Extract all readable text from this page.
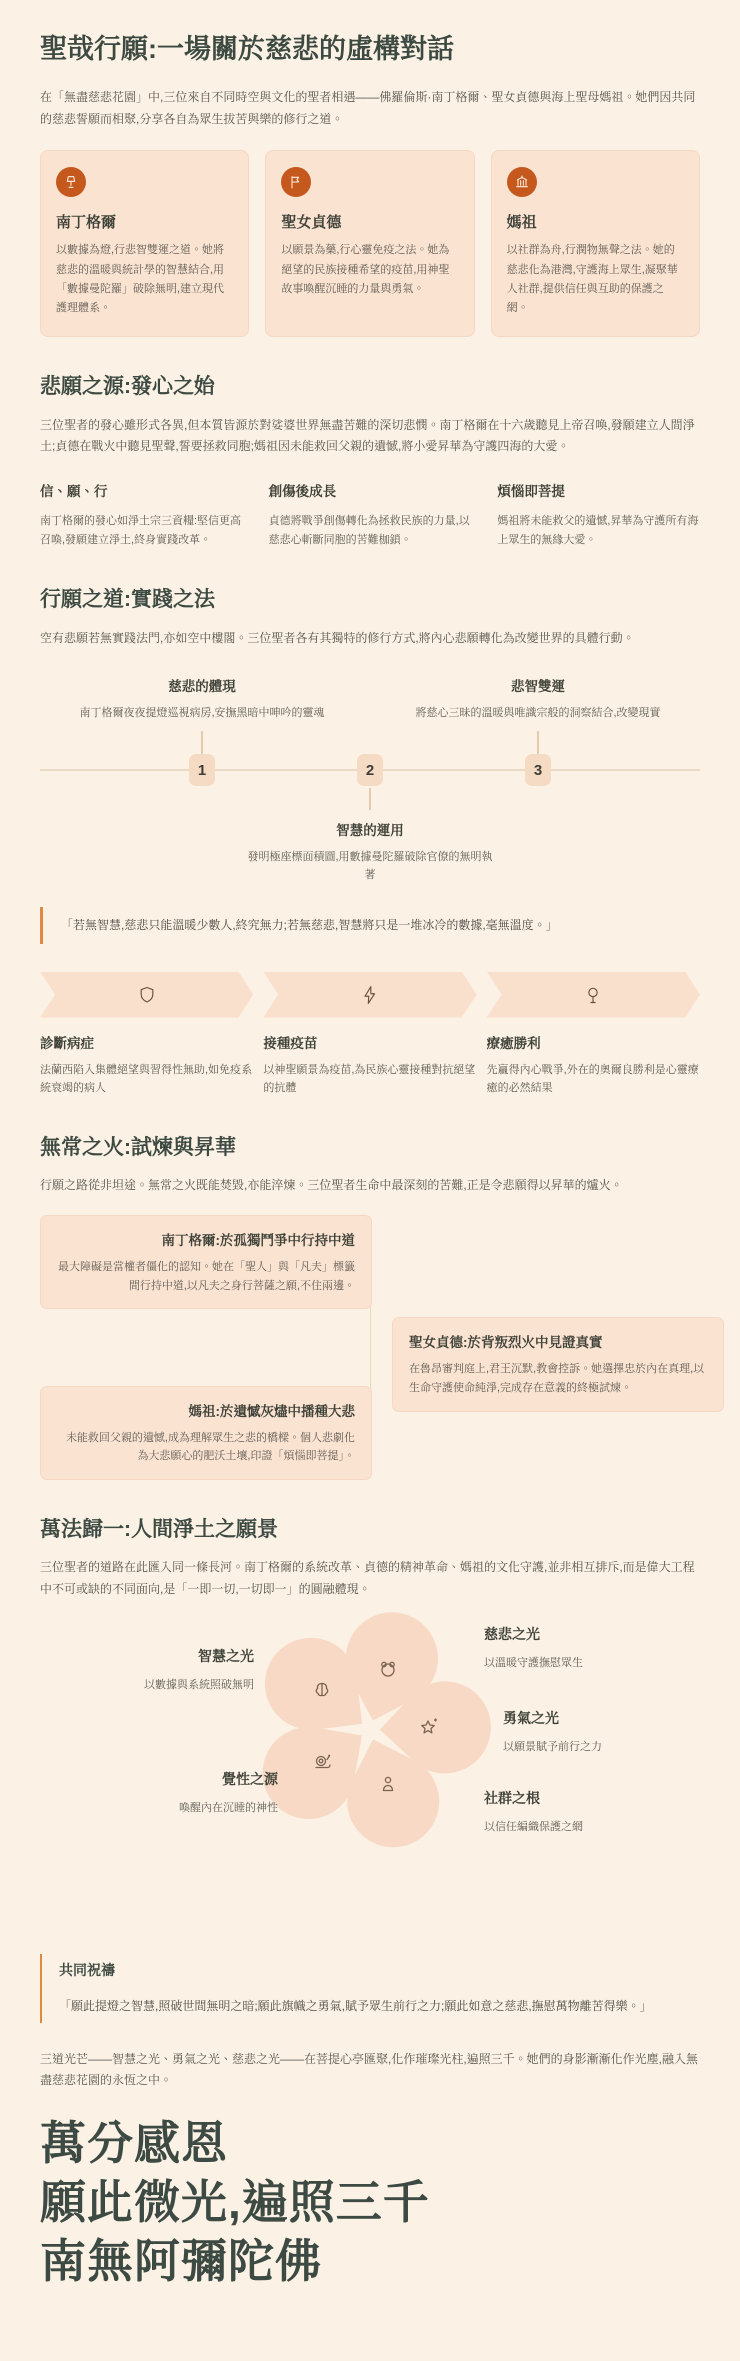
聖哉行願:一場關於慈悲的虛構對話

在「無盡慈悲花園」中,三位來自不同時空與文化的聖者相遇——佛羅倫斯·南丁格爾、聖女貞德與海上聖母媽祖。她們因共同的慈悲誓願而相聚,分享各自為眾生拔苦與樂的修行之道。

南丁格爾

以數據為燈,行悲智雙運之道。她將慈悲的溫暖與統計學的智慧結合,用「數據曼陀羅」破除無明,建立現代護理體系。

聖女貞德

以願景為藥,行心靈免疫之法。她為絕望的民族接種希望的疫苗,用神聖故事喚醒沉睡的力量與勇氣。

媽祖

以社群為舟,行潤物無聲之法。她的慈悲化為港灣,守護海上眾生,凝聚華人社群,提供信任與互助的保護之網。

悲願之源:發心之始

三位聖者的發心雖形式各異,但本質皆源於對娑婆世界無盡苦難的深切悲憫。南丁格爾在十六歲聽見上帝召喚,發願建立人間淨土;貞德在戰火中聽見聖聲,誓要拯救同胞;媽祖因未能救回父親的遺憾,將小愛昇華為守護四海的大愛。

信、願、行

南丁格爾的發心如淨土宗三資糧:堅信更高召喚,發願建立淨土,終身實踐改革。

創傷後成長

貞德將戰爭創傷轉化為拯救民族的力量,以慈悲心斬斷同胞的苦難枷鎖。

煩惱即菩提

媽祖將未能救父的遺憾,昇華為守護所有海上眾生的無緣大愛。

行願之道:實踐之法

空有悲願若無實踐法門,亦如空中樓閣。三位聖者各有其獨特的修行方式,將內心悲願轉化為改變世界的具體行動。

慈悲的體現

南丁格爾夜夜提燈巡視病房,安撫黑暗中呻吟的靈魂

悲智雙運

將慈心三昧的溫暖與唯識宗般的洞察結合,改變現實

1	2	3
智慧的運用

發明極座標面積圖,用數據曼陀羅破除官僚的無明執著

「若無智慧,慈悲只能溫暖少數人,終究無力;若無慈悲,智慧將只是一堆冰冷的數據,毫無溫度。」
診斷病症

法蘭西陷入集體絕望與習得性無助,如免疫系統衰竭的病人

接種疫苗

以神聖願景為疫苗,為民族心靈接種對抗絕望的抗體

療癒勝利

先贏得內心戰爭,外在的奧爾良勝利是心靈療癒的必然結果

無常之火:試煉與昇華

行願之路從非坦途。無常之火既能焚毀,亦能淬煉。三位聖者生命中最深刻的苦難,正是令悲願得以昇華的爐火。

南丁格爾:於孤獨鬥爭中行持中道

最大障礙是當權者僵化的認知。她在「聖人」與「凡夫」標籤間行持中道,以凡夫之身行菩薩之願,不住兩邊。

聖女貞德:於背叛烈火中見證真實

在魯昂審判庭上,君王沉默,教會控訴。她選擇忠於內在真理,以生命守護使命純淨,完成存在意義的終極試煉。

媽祖:於遺憾灰燼中播種大悲

未能救回父親的遺憾,成為理解眾生之悲的橋樑。個人悲劇化為大悲願心的肥沃土壤,印證「煩惱即菩提」。

萬法歸一:人間淨土之願景

三位聖者的道路在此匯入同一條長河。南丁格爾的系統改革、貞德的精神革命、媽祖的文化守護,並非相互排斥,而是偉大工程中不可或缺的不同面向,是「一即一切,一切即一」的圓融體現。

智慧之光

以數據與系統照破無明

慈悲之光

以溫暖守護撫慰眾生

勇氣之光

以願景賦予前行之力

覺性之源

喚醒內在沉睡的神性

社群之根

以信任編織保護之網

共同祝禱

「願此提燈之智慧,照破世間無明之暗;願此旗幟之勇氣,賦予眾生前行之力;願此如意之慈悲,撫慰萬物離苦得樂。」

三道光芒——智慧之光、勇氣之光、慈悲之光——在菩提心亭匯聚,化作璀璨光柱,遍照三千。她們的身影漸漸化作光塵,融入無盡慈悲花園的永恆之中。

萬分感恩
願此微光,遍照三千
南無阿彌陀佛
